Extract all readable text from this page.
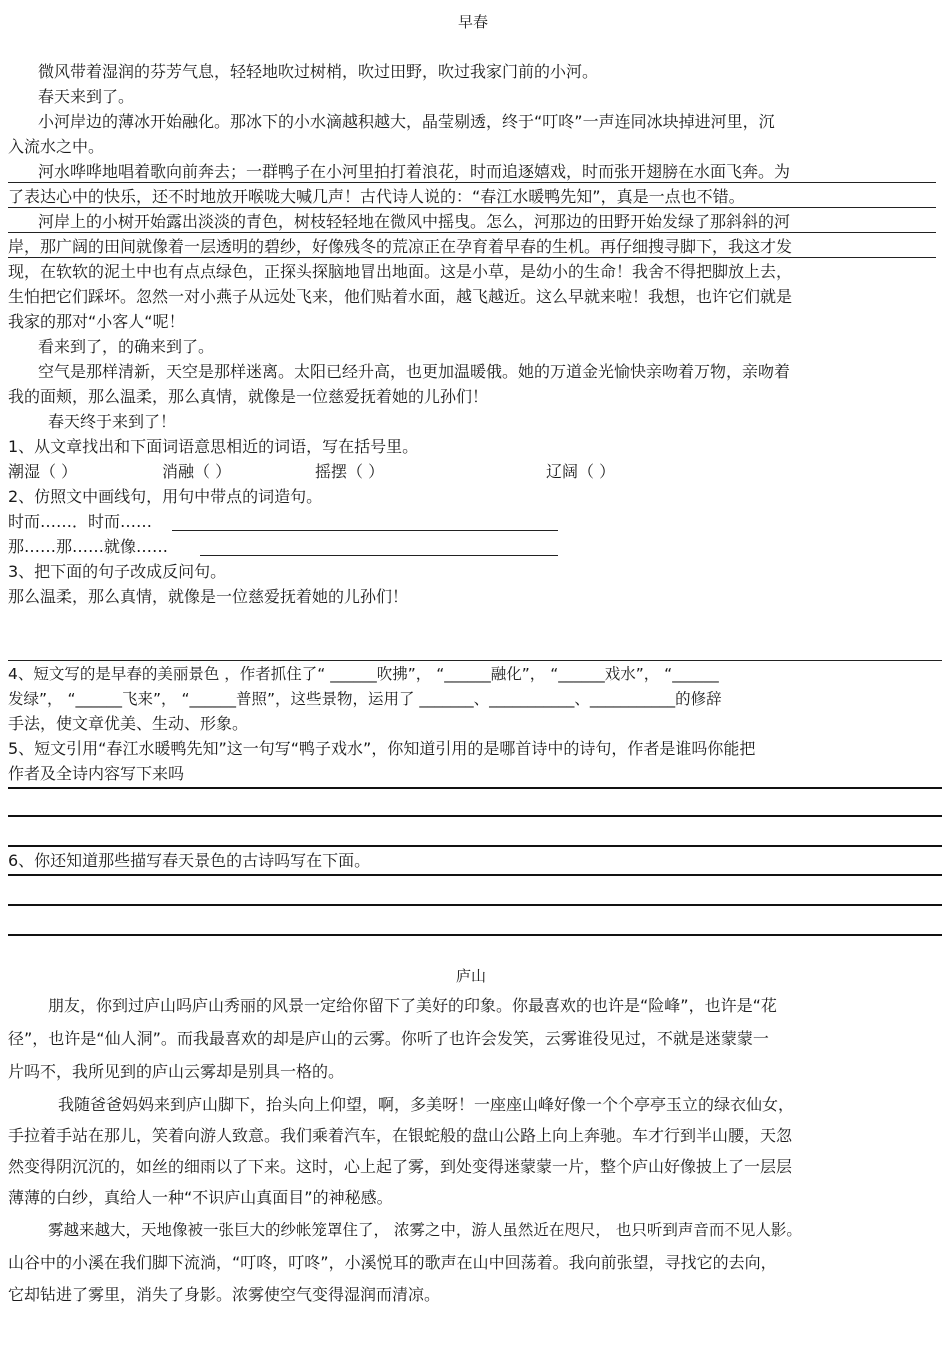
早春
微风带着湿润的芬芳气息，轻轻地吹过树梢，吹过田野，吹过我家门前的小河。
春天来到了。
小河岸边的薄冰开始融化。那冰下的小水滴越积越大，晶莹剔透，终于“叮咚”一声连同冰块掉进河里，沉
入流水之中。
河水哗哗地唱着歌向前奔去；一群鸭子在小河里拍打着浪花，时而追逐嬉戏，时而张开翅膀在水面飞奔。为
了表达心中的快乐，还不时地放开喉咙大喊几声！古代诗人说的：“春江水暖鸭先知”，真是一点也不错。
河岸上的小树开始露出淡淡的青色，树枝轻轻地在微风中摇曳。怎么，河那边的田野开始发绿了那斜斜的河
岸，那广阔的田间就像着一层透明的碧纱，好像残冬的荒凉正在孕育着早春的生机。再仔细搜寻脚下，我这才发
现，在软软的泥土中也有点点绿色，正探头探脑地冒出地面。这是小草，是幼小的生命！我舍不得把脚放上去，
生怕把它们踩坏。忽然一对小燕子从远处飞来，他们贴着水面，越飞越近。这么早就来啦！我想，也许它们就是
我家的那对“小客人“呢！
看来到了，的确来到了。
空气是那样清新，天空是那样迷离。太阳已经升高，也更加温暖俄。她的万道金光愉快亲吻着万物，亲吻着
我的面颊，那么温柔，那么真情，就像是一位慈爱抚着她的儿孙们！
春天终于来到了！
1、从文章找出和下面词语意思相近的词语，写在括号里。
潮湿（ ）	消融（ ）	摇摆（ ）	辽阔（ ）
2、仿照文中画线句，用句中带点的词造句。
时而……．时而……
那……那……就像……
3、把下面的句子改成反问句。
那么温柔，那么真情，就像是一位慈爱抚着她的儿孙们！
4、短文写的是早春的美丽景色 ，作者抓住了“ ______吹拂”， “______融化”， “______戏水”， “______
发绿”， “______飞来”， “______普照”，这些景物，运用了 _______、___________、___________的修辞
手法，使文章优美、生动、形象。
5、短文引用“春江水暖鸭先知”这一句写“鸭子戏水”，你知道引用的是哪首诗中的诗句，作者是谁吗你能把
作者及全诗内容写下来吗
6、你还知道那些描写春天景色的古诗吗写在下面。
庐山
朋友，你到过庐山吗庐山秀丽的风景一定给你留下了美好的印象。你最喜欢的也许是“险峰”，也许是“花
径”，也许是“仙人洞”。而我最喜欢的却是庐山的云雾。你听了也许会发笑，云雾谁役见过，不就是迷蒙蒙一
片吗不，我所见到的庐山云雾却是别具一格的。
我随爸爸妈妈来到庐山脚下，抬头向上仰望，啊，多美呀！一座座山峰好像一个个亭亭玉立的绿衣仙女，
手拉着手站在那儿，笑着向游人致意。我们乘着汽车，在银蛇般的盘山公路上向上奔驰。车才行到半山腰，天忽
然变得阴沉沉的，如丝的细雨以了下来。这时，心上起了雾，到处变得迷蒙蒙一片，整个庐山好像披上了一层层
薄薄的白纱，真给人一种“不识庐山真面目”的神秘感。
雾越来越大，天地像被一张巨大的纱帐笼罩住了， 浓雾之中，游人虽然近在咫尺， 也只听到声音而不见人影。
山谷中的小溪在我们脚下流淌，“叮咚，叮咚”，小溪悦耳的歌声在山中回荡着。我向前张望，寻找它的去向，
它却钻进了雾里，消失了身影。浓雾使空气变得湿润而清凉。
